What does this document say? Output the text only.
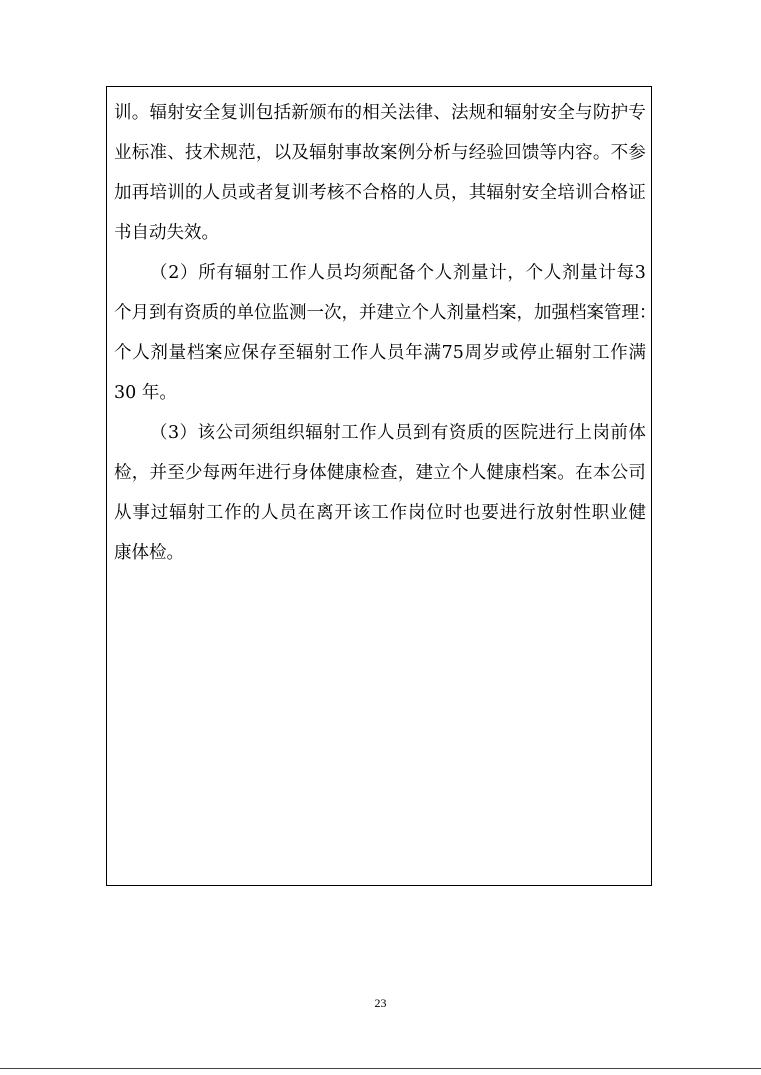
训 。 辐 射 安 全 复 训 包 括 新 颁 布 的 相 关 法 律 、 法 规 和 辐 射 安 全 与 防 护 专
业 标 准 、 技 术 规 范 ， 以 及 辐 射 事 故 案 例 分 析 与 经 验 回 馈 等 内 容 。 不 参
加 再 培 训 的 人 员 或 者 复 训 考 核 不 合 格 的 人 员 ， 其 辐 射 安 全 培 训 合 格 证
书自动失效。
（ 2 ） 所 有 辐 射 工 作 人 员 均 须 配 备 个 人 剂 量 计 ， 个 人 剂 量 计 每 3
个 月 到 有 资 质 的 单 位 监 测 一 次 ， 并 建 立 个 人 剂 量 档 案 ， 加 强 档 案 管 理 ：
个 人 剂 量 档 案 应 保 存 至 辐 射 工 作 人 员 年 满 75 周 岁 或 停 止 辐 射 工 作 满
30 年。
（ 3 ） 该 公 司 须 组 织 辐 射 工 作 人 员 到 有 资 质 的 医 院 进 行 上 岗 前 体
检 ， 并 至 少 每 两 年 进 行 身 体 健 康 检 查 ， 建 立 个 人 健 康 档 案 。 在 本 公 司
从 事 过 辐 射 工 作 的 人 员 在 离 开 该 工 作 岗 位 时 也 要 进 行 放 射 性 职 业 健
康体检。
23
